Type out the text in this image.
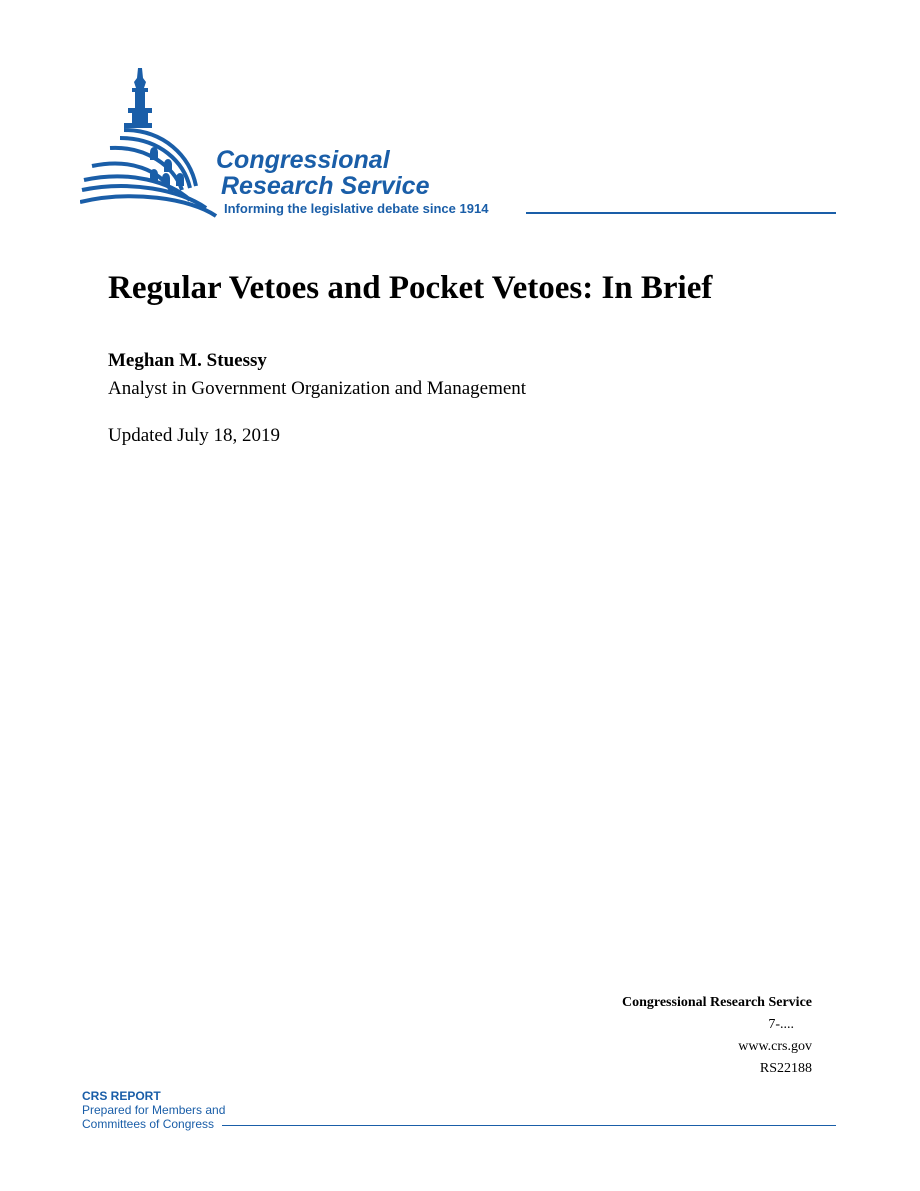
Congressional
Research Service
Informing the legislative debate since 1914
Regular Vetoes and Pocket Vetoes: In Brief
Meghan M. Stuessy
Analyst in Government Organization and Management
Updated July 18, 2019
Congressional Research Service
7-....
www.crs.gov
RS22188
CRS REPORT
Prepared for Members and
Committees of Congress
